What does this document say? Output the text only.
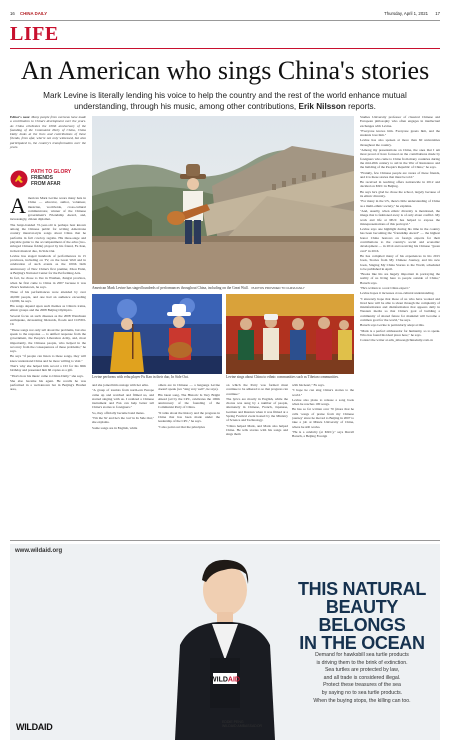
16 CHINA DAILY	Thursday, April 1, 2021 17
LIFE
An American who sings China's stories
Mark Levine is literally lending his voice to help the country and the rest of the world enhance mutual understanding, through his music, among other contributions, Erik Nilsson reports.
Editor's note: Many people from overseas have made a contribution to China's development over the years. As China celebrates the 100th anniversary of the founding of the Communist Party of China, China Daily looks at the lives and contributions of these friends, from afar, who're not only witnessed, but also participated in, the country's transformation over the years.
PATH TO GLORY
FRIENDS
FROM AFAR

American Mark Levine wears many hats in China — educator, author, volunteer, musician, worldwide, cross-cultural communicator, winner of the Chinese government's Friendship Award, and, increasingly, citizen diplomat.

The banjo-banded 72-year-old is perhaps best known among the Chinese public for writing Americana country musical-style songs about China that he performs in full cowboy regalia. His three-stage and playable guitar to the accompaniment of the erhu (two-stringed Chinese fiddle) played by his friend, Fu Kan, in their musical duo, In Side Out.

Levine has staged hundreds of performances in 15 provinces, including on TV, on the Great Wall and in celebration of such events as the 100th birth anniversary of New China's first premier, Zhou Enlai, at Beijing's National Center for the Performing Arts.

In fact, he chose to live in Wuzhen, Jiangxi province, when he first came to China in 2007 because it was Zhou's hometown, he says.

Three of his performances were attended by over 40,000 people, and one had an audience exceeding 10,000, he says.

His songs depend upon such themes as China's trains, ethnic groups and the 2008 Beijing Olympics.

Several focus on such diseases as the 2008 Wenchuan earthquake, devastating blizzards, floods and COVID-19.

"These songs not only tell about the problems, but also speak to the response — is unified response from the government, the People's Liberation Army, and, most importantly, the Chinese people, who helped in the recovery from the consequences of these problems," he says.

He says "if people can listen to these songs, they will know understand China and be more willing to visit."

That's why she helped him record a CD for his 60th birthday and presented him 66 copies as a gift.

"That's how his music came to China Daily," she says.

She also became his agent. He recalls he was performed in a well-known bar in Beijing's Houhai area,

American Mark Levine has staged hundreds of performances throughout China, including on the Great Wall. PHOTOS PROVIDED TO CHINA DAILY
Levine performs with erhu player Fu Kan in their duo, In Side Out.	Levine sings about China to ethnic communities such as Tibetan communities.

and she joined him onstage with her erhu.

"A group of tourists from north-ern Europe came up and watched and filmed us, and started singing with us. I realized a Chinese instrument and Fan can help better tell China's stories to foreigners."

So, they officially became band mates.

"I'm the 'In' and he's the 'out' in In Side Out," she explains.

Some songs are in English, while

others are in Chinese — a language Levine doesn't speak (we "sing very well", he says).

His latest song, The Historic Is Very Bright Ahead (ad by the CPC, celebrates the 100th anniversary of the founding of the Communist Party of China.

"It talks about the history and the progress in China that has been made under the leadership of the CPC," he says.

"I also point out that the principles

on which the Party was formed must continue to be adhered to so that progress can continue."

The lyrics are mostly in English, while the chorus was sung by a number of people, alternately in Chinese, French, Japanese, German and Russian when it was filmed at a Spring Festival event hosted by the Ministry of Science and Technology.

"China helped Mark, and Mark also helped China. He tells stories with his songs and sings them

with his heart," Fu says.

"I hope he can sing China's stories to the world."

Levine also plans to release a song book when he reaches 100 songs.

He has so far written over 70 (more that he calls 'songs of praise from my Chinese journey' since he moved to Beijing in 2007 to take a job at Minzu University of China, where he still works.

"He is a celebrity (at MUC)," says Duvall Baruch, a Beijing Foreign

Studies University professor of classical Chinese and European philosophy who often engages in intellectual exchanges with Levine.

"Everyone knows him. Everyone greets him, and the students love him."

Levine has also spoken at more than 60 universities throughout the country.

"Among my presentations on China, the ones that I am most proud of have focused on the contributions made by foreigners who came to China from many countries during the mid-20th century to aid in the War of Resistance and the building of the People's Republic of China," he says.

"Frankly, few Chinese people are aware of these friends, and it is these stories that must be told."

He received in teaching offers nationwide in 2012 and decided on MUC in Beijing.

He says he's glad he chose the school, largely because of its ethnic diversity.

"For many in the US, there's little understanding of China as a multi-ethnic society," he explains.

"And, usually, when ethnic diversity is mentioned, the image that is fashioned away is of only about conflict. My work and life at MUC has helped to expose the misrepresentations of this portrayal."

Levine says one highlight during his time in the country has been becoming the "friendship Award" — the highest honor China bestows on foreign experts for their contributions to the country's social and economic development — in 2014 and receiving his Chinese "green card" in 2016.

He has compiled many of his experiences in his 2015 book, Stories from My Chinese Journey, and his new book, Singing My China Stories to the World, scheduled to be published in April.

"Books like his are hugely important in portraying the reality of us living here to people outside of China," Baruch says.

"He's written to a real China expert."

Levine hopes it increases cross-cultural understanding.

"I sincerely hope that those of us who have worked and lived here will be able to shout through the complexity of misinformation and disinformation that appears daily in Western media so that China's goal of building a community of shared future for mankind will become a common goal for the world," he says.

Baruch says Levine is particularly adept at this.

"Mark is a perfect ambassador for humanity, so to speak. Who has found his ideal place here," he says.

Contact the writer at erik_nilsson@chinadaily.com.cn

www.wildaid.org
WILDAID
EDDIE PENG
WILDAID AMBASSADOR
THIS NATURAL
BEAUTY BELONGS
IN THE OCEAN
Demand for hawksbill sea turtle products
is driving them to the brink of extinction.
Sea turtles are protected by law,
and all trade is considered illegal.
Protect these treasures of the sea
by saying no to sea turtle products.
When the buying stops, the killing can too.
WILDAID
